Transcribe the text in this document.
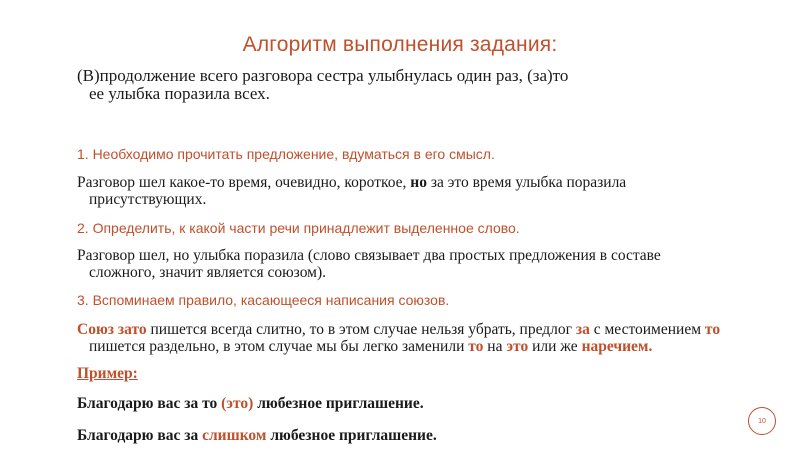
Алгоритм выполнения задания:

(В)продолжение всего разговора сестра улыбнулась один раз, (за)то
ее улыбка поразила всех.

1. Необходимо прочитать предложение, вдуматься в его смысл.

Разговор шел какое-то время, очевидно, короткое, но за это время улыбка поразила присутствующих.

2. Определить, к какой части речи принадлежит выделенное слово.

Разговор шел, но улыбка поразила (слово связывает два простых предложения в составе сложного, значит является союзом).

3. Вспоминаем правило, касающееся написания союзов.

Союз зато пишется всегда слитно, то в этом случае нельзя убрать, предлог за с местоимением то пишется раздельно, в этом случае мы бы легко заменили то на это или же наречием.

Пример:

Благодарю вас за то (это) любезное приглашение.

Благодарю вас за слишком любезное приглашение.

10
